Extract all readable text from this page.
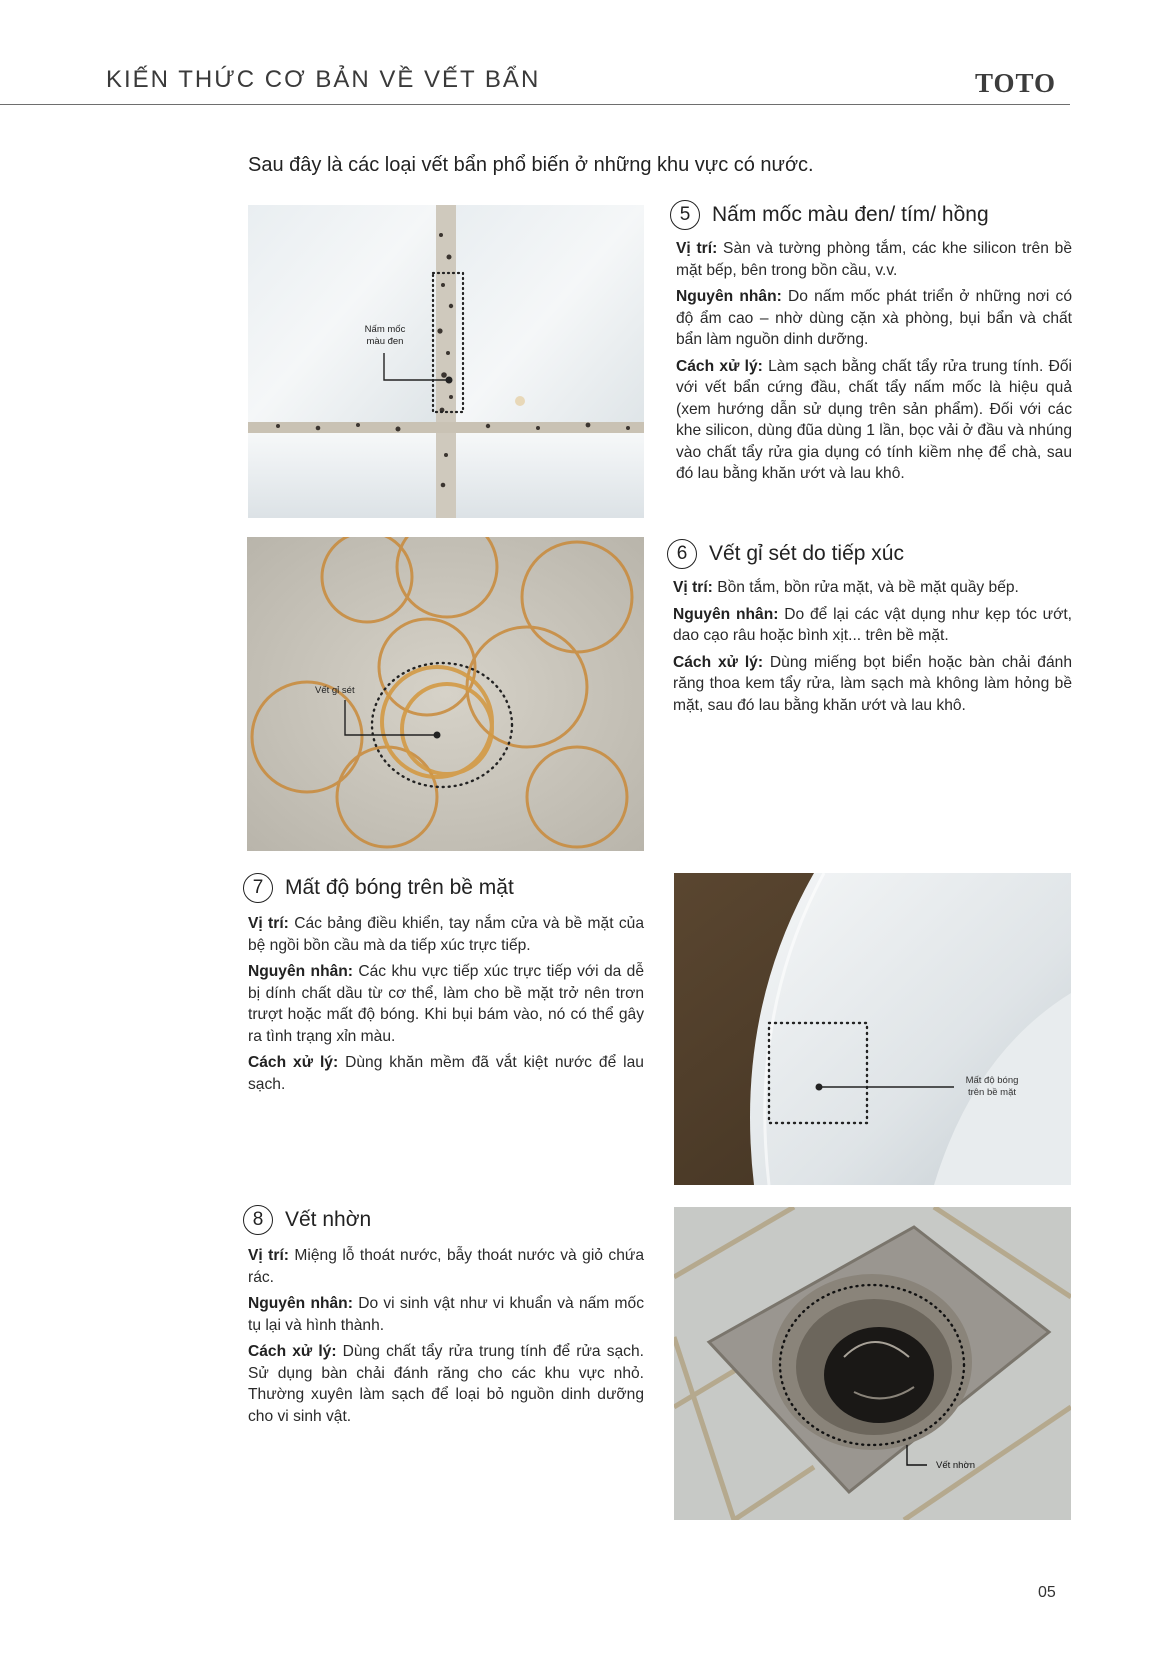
KIẾN THỨC CƠ BẢN VỀ VẾT BẨN	TOTO
Sau đây là các loại vết bẩn phổ biến ở những khu vực có nước.
Nấm mốc
màu đen
5	Nấm mốc màu đen/ tím/ hồng

Vị trí: Sàn và tường phòng tắm, các khe silicon trên bề mặt bếp, bên trong bồn cầu, v.v.

Nguyên nhân: Do nấm mốc phát triển ở những nơi có độ ẩm cao – nhờ dùng cặn xà phòng, bụi bẩn và chất bẩn làm nguồn dinh dưỡng.

Cách xử lý: Làm sạch bằng chất tẩy rửa trung tính. Đối với vết bẩn cứng đầu, chất tẩy nấm mốc là hiệu quả (xem hướng dẫn sử dụng trên sản phẩm). Đối với các khe silicon, dùng đũa dùng 1 lần, bọc vải ở đầu và nhúng vào chất tẩy rửa gia dụng có tính kiềm nhẹ để chà, sau đó lau bằng khăn ướt và lau khô.

Vết gỉ sét
6	Vết gỉ sét do tiếp xúc

Vị trí: Bồn tắm, bồn rửa mặt, và bề mặt quầy bếp.

Nguyên nhân: Do để lại các vật dụng như kẹp tóc ướt, dao cạo râu hoặc bình xịt... trên bề mặt.

Cách xử lý: Dùng miếng bọt biển hoặc bàn chải đánh răng thoa kem tẩy rửa, làm sạch mà không làm hỏng bề mặt, sau đó lau bằng khăn ướt và lau khô.

7	Mất độ bóng trên bề mặt

Vị trí: Các bảng điều khiển, tay nắm cửa và bề mặt của bệ ngồi bồn cầu mà da tiếp xúc trực tiếp.

Nguyên nhân: Các khu vực tiếp xúc trực tiếp với da dễ bị dính chất dầu từ cơ thể, làm cho bề mặt trở nên trơn trượt hoặc mất độ bóng. Khi bụi bám vào, nó có thể gây ra tình trạng xỉn màu.

Cách xử lý: Dùng khăn mềm đã vắt kiệt nước để lau sạch.	Mất độ bóng
trên bề mặt
8	Vết nhờn

Vị trí: Miệng lỗ thoát nước, bẫy thoát nước và giỏ chứa rác.

Nguyên nhân: Do vi sinh vật như vi khuẩn và nấm mốc tụ lại và hình thành.

Cách xử lý: Dùng chất tẩy rửa trung tính để rửa sạch. Sử dụng bàn chải đánh răng cho các khu vực nhỏ. Thường xuyên làm sạch để loại bỏ nguồn dinh dưỡng cho vi sinh vật.

Vết nhờn
05
